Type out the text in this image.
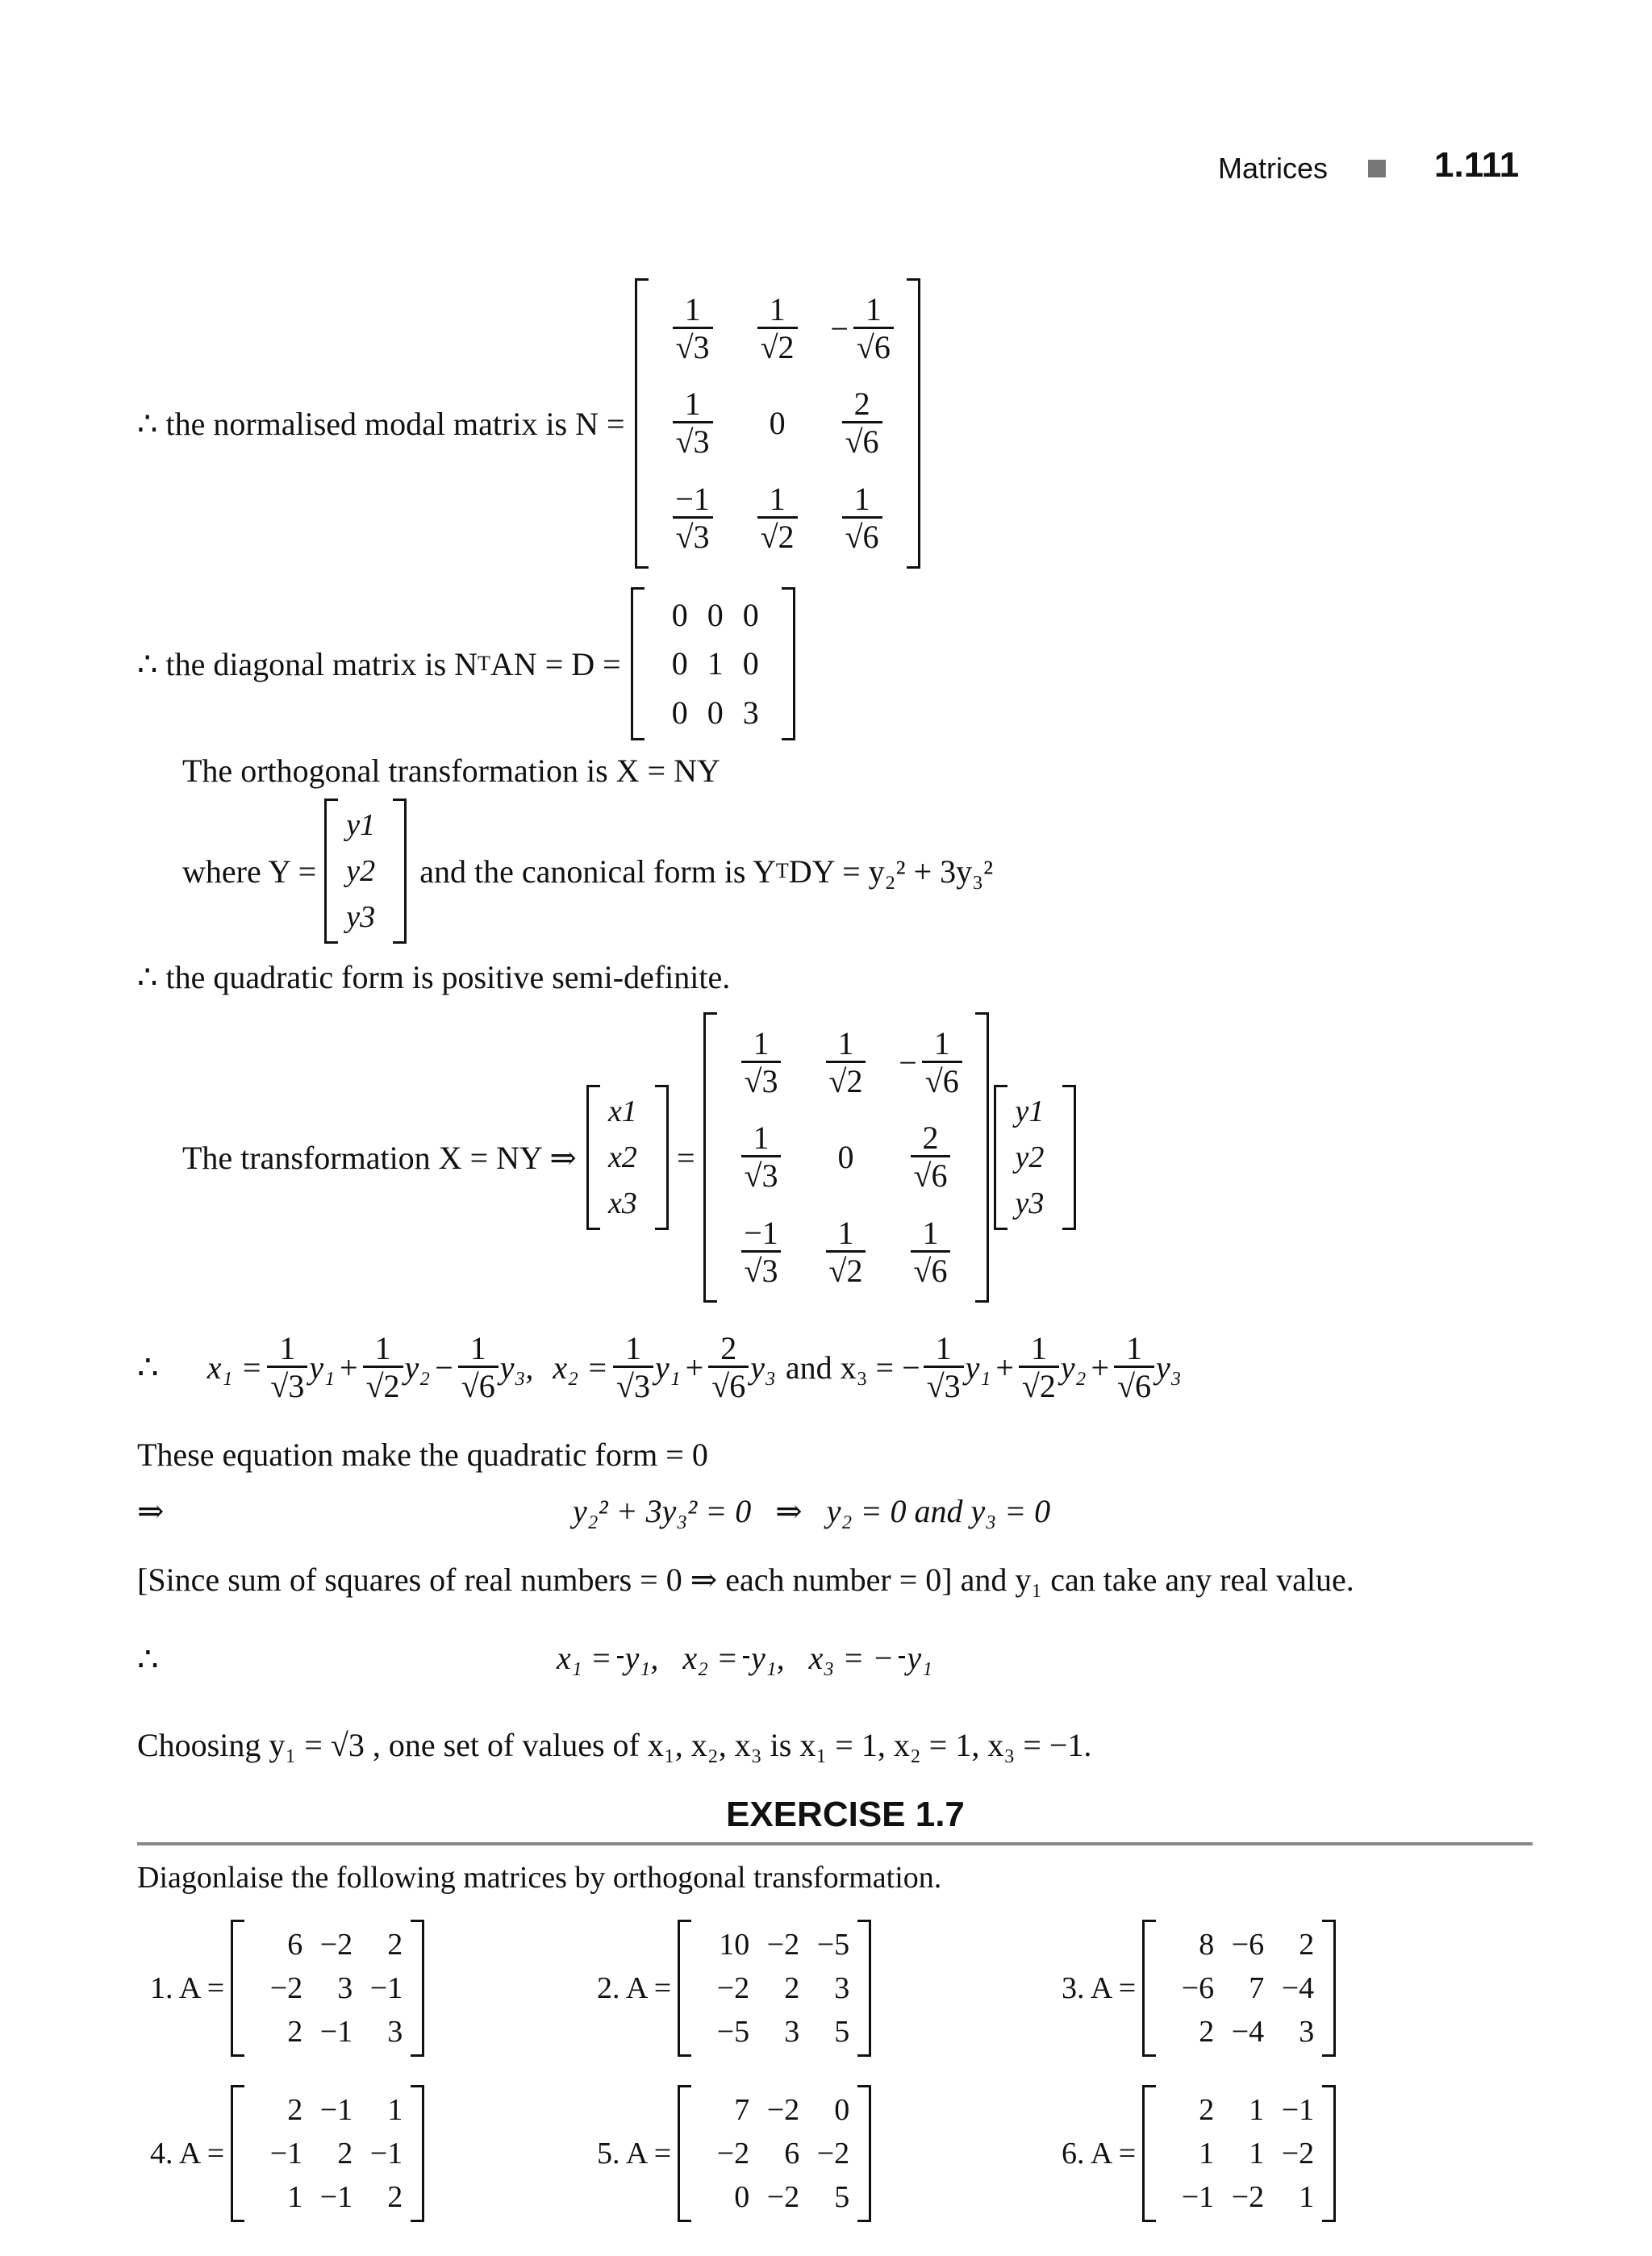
Matrices	1.111
∴ the normalised modal matrix is N =
$\frac{1}{√3} \frac{1}{√2} - \frac{1}{√6}$
$\frac{1}{√3} 0 \frac{2}{√6}$
$\frac{-1}{√3} \frac{1}{√2} \frac{1}{√6}$
∴ the diagonal matrix is N T AN = D =
0 0 0
0 1 0
0 0 3
The orthogonal transformation is X = NY
where Y =
y1
y2
y3
and the canonical form is Y T DY = y₂² + 3y₃²
∴ the quadratic form is positive semi-definite.
The transformation X = NY ⇒
x1
x2
x3
=
$\frac{1}{√3} \frac{1}{√2} - \frac{1}{√6}$
$\frac{1}{√3} 0 \frac{2}{√6}$
$\frac{-1}{√3} \frac{1}{√2} \frac{1}{√6}$
y1
y2
y3
∴ $x_1 = \frac{1}{√3} y_1 + \frac{1}{√2} y_2 - \frac{1}{√6} y_3$, $x_2 = \frac{1}{√3} y_1 + \frac{2}{√6} y_3$ and x₃ = − $\frac{1}{√3} y_1 + \frac{1}{√2} y_2 + \frac{1}{√6} y_3$
These equation make the quadratic form = 0
⇒	y₂² + 3y₃² = 0   ⇒   y₂ = 0 and y₃ = 0
[Since sum of squares of real numbers = 0 ⇒ each number = 0] and y₁ can take any real value.
∴	x₁ = y₁, x₂ = y₁, x₃ = − y₁
Choosing y₁ = √3 , one set of values of x₁, x₂, x₃ is x₁ = 1, x₂ = 1, x₃ = −1.
EXERCISE 1.7
Diagonlaise the following matrices by orthogonal transformation.
1. A =
6 −2	2
−2	3 −1
2 −1	3
2. A =
10 −2 −5
−2	2	3
−5	3	5
3. A =
8 −6	2
−6	7 −4
2 −4	3
4. A =
2 −1	1
−1	2 −1
1 −1	2
5. A =
7 −2	0
−2	6 −2
0 −2	5
6. A =
2	1 −1
1	1 −2
−1 −2	1
